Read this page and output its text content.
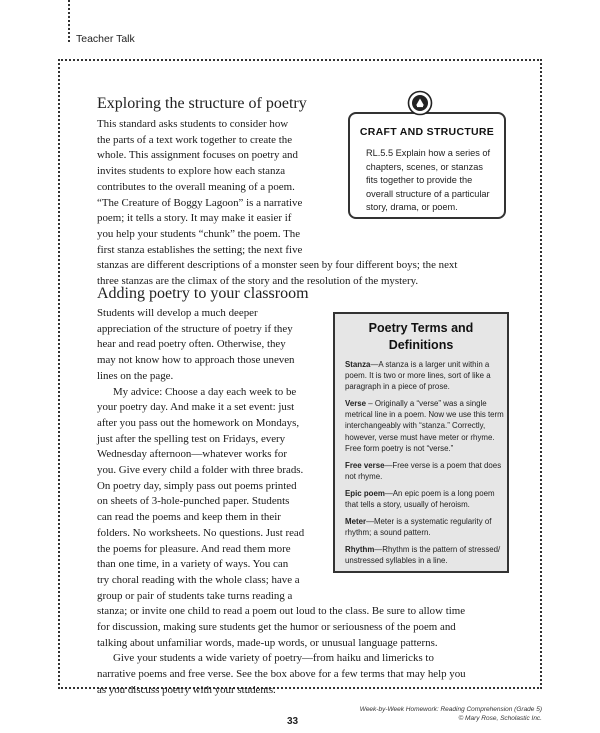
Teacher Talk
Exploring the structure of poetry
This standard asks students to consider how
the parts of a text work together to create the
whole. This assignment focuses on poetry and
invites students to explore how each stanza
contributes to the overall meaning of a poem.
“The Creature of Boggy Lagoon” is a narrative
poem; it tells a story. It may make it easier if
you help your students “chunk” the poem. The
first stanza establishes the setting; the next five
stanzas are different descriptions of a monster seen by four different boys; the next
three stanzas are the climax of the story and the resolution of the mystery.
CRAFT AND STRUCTURE
RL.5.5 Explain how a series of chapters, scenes, or stanzas fits together to provide the overall structure of a particular story, drama, or poem.
Adding poetry to your classroom
Students will develop a much deeper
appreciation of the structure of poetry if they
hear and read poetry often. Otherwise, they
may not know how to approach those uneven
lines on the page.
My advice: Choose a day each week to be
your poetry day. And make it a set event: just
after you pass out the homework on Mondays,
just after the spelling test on Fridays, every
Wednesday afternoon—whatever works for
you. Give every child a folder with three brads.
On poetry day, simply pass out poems printed
on sheets of 3-hole-punched paper. Students
can read the poems and keep them in their
folders. No worksheets. No questions. Just read
the poems for pleasure. And read them more
than one time, in a variety of ways. You can
try choral reading with the whole class; have a
group or pair of students take turns reading a
stanza; or invite one child to read a poem out loud to the class. Be sure to allow time
for discussion, making sure students get the humor or seriousness of the poem and
talking about unfamiliar words, made-up words, or unusual language patterns.
Give your students a wide variety of poetry—from haiku and limericks to
narrative poems and free verse. See the box above for a few terms that may help you
as you discuss poetry with your students.
Poetry Terms and
Definitions

Stanza—A stanza is a larger unit within a poem. It is two or more lines, sort of like a paragraph in a piece of prose.

Verse – Originally a “verse” was a single metrical line in a poem. Now we use this term interchangeably with “stanza.” Correctly, however, verse must have meter or rhyme. Free form poetry is not “verse.”

Free verse—Free verse is a poem that does not rhyme.

Epic poem—An epic poem is a long poem that tells a story, usually of heroism.

Meter—Meter is a systematic regularity of rhythm; a sound pattern.

Rhythm—Rhythm is the pattern of stressed/ unstressed syllables in a line.

33
Week-by-Week Homework: Reading Comprehension (Grade 5)
© Mary Rose, Scholastic Inc.
